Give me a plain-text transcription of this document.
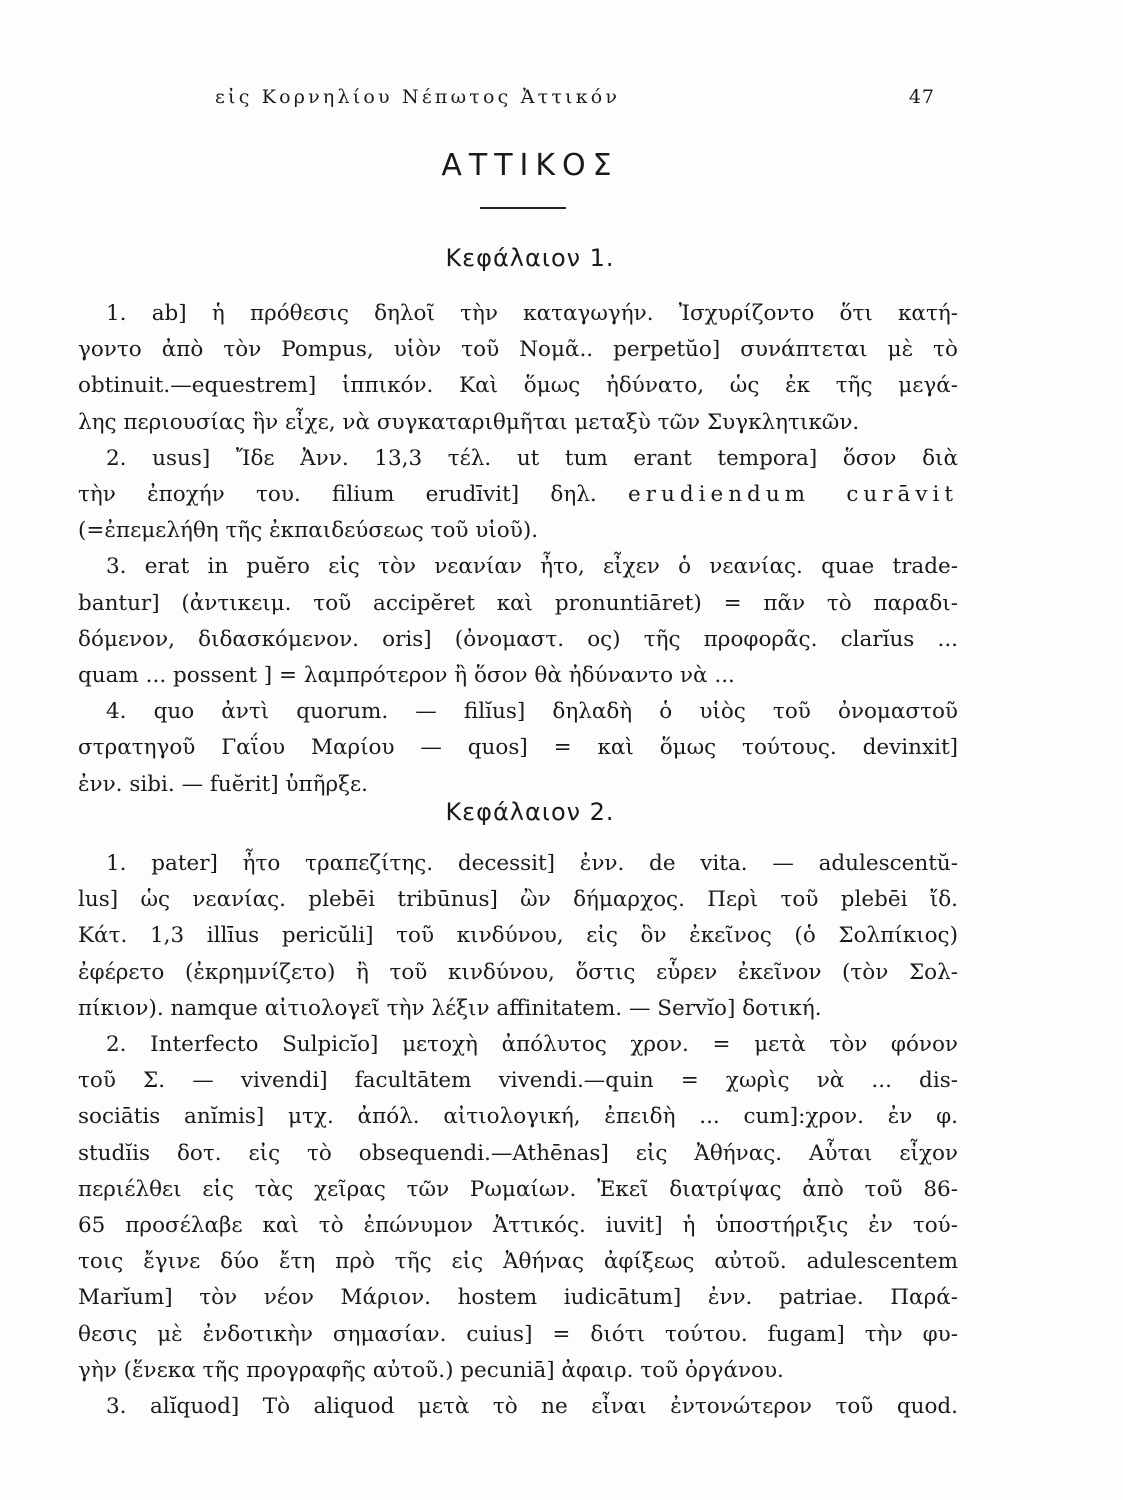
εἰς Κορνηλίου Νέπωτος Ἀττικόν	47
ΑΤΤΙΚΟΣ
Κεφάλαιον 1.
1. ab] ἡ πρόθεσις δηλοῖ τὴν καταγωγήν. Ἰσχυρίζοντο ὅτι κατή-
γοντο ἀπὸ τὸν Pompus, υἱὸν τοῦ Νομᾶ.. perpetŭo] συνάπτεται μὲ τὸ
obtinuit.—equestrem] ἱππικόν. Καὶ ὅμως ἠδύνατο, ὡς ἐκ τῆς μεγά-
λης περιουσίας ἣν εἶχε, νὰ συγκαταριθμῆται μεταξὺ τῶν Συγκλητικῶν.
2. usus] Ἴδε Ἀνν. 13,3 τέλ. ut tum erant tempora] ὅσον διὰ
τὴν ἐποχήν του. filium erudīvit] δηλ. erudiendum curāvit
(=ἐπεμελήθη τῆς ἐκπαιδεύσεως τοῦ υἱοῦ).
3. erat in puĕro εἰς τὸν νεανίαν ἦτο, εἶχεν ὁ νεανίας. quae trade-
bantur] (ἀντικειμ. τοῦ accipĕret καὶ pronuntiāret) = πᾶν τὸ παραδι-
δόμενον, διδασκόμενον. oris] (ὀνομαστ. ος) τῆς προφορᾶς. clarĭus ...
quam ... possent ] = λαμπρότερον ἢ ὅσον θὰ ἠδύναντο νὰ ...
4. quo ἀντὶ quorum. — filĭus] δηλαδὴ ὁ υἱὸς τοῦ ὀνομαστοῦ
στρατηγοῦ Γαΐου Μαρίου — quos] = καὶ ὅμως τούτους. devinxit]
ἐνν. sibi. — fuĕrit] ὑπῆρξε.
Κεφάλαιον 2.
1. pater] ἦτο τραπεζίτης. decessit] ἐνν. de vita. — adulescentŭ-
lus] ὡς νεανίας. plebēi tribūnus] ὢν δήμαρχος. Περὶ τοῦ plebēi ἴδ.
Κάτ. 1,3 illīus pericŭli] τοῦ κινδύνου, εἰς ὃν ἐκεῖνος (ὁ Σολπίκιος)
ἐφέρετο (ἐκρημνίζετο) ἢ τοῦ κινδύνου, ὅστις εὗρεν ἐκεῖνον (τὸν Σολ-
πίκιον). namque αἰτιολογεῖ τὴν λέξιν affinitatem. — Servĭo] δοτική.
2. Interfecto Sulpicĭo] μετοχὴ ἀπόλυτος χρον. = μετὰ τὸν φόνον
τοῦ Σ. — vivendi] facultātem vivendi.—quin = χωρὶς νὰ ... dis-
sociātis anĭmis] μτχ. ἀπόλ. αἰτιολογική, ἐπειδὴ ... cum]:χρον. ἐν φ.
studĭis δοτ. εἰς τὸ obsequendi.—Athēnas] εἰς Ἀθήνας. Αὗται εἶχον
περιέλθει εἰς τὰς χεῖρας τῶν Ρωμαίων. Ἐκεῖ διατρίψας ἀπὸ τοῦ 86-
65 προσέλαβε καὶ τὸ ἐπώνυμον Ἀττικός. iuvit] ἡ ὑποστήριξις ἐν τού-
τοις ἔγινε δύο ἔτη πρὸ τῆς εἰς Ἀθήνας ἀφίξεως αὐτοῦ. adulescentem
Marĭum] τὸν νέον Μάριον. hostem iudicātum] ἐνν. patriae. Παρά-
θεσις μὲ ἐνδοτικὴν σημασίαν. cuius] = διότι τούτου. fugam] τὴν φυ-
γὴν (ἕνεκα τῆς προγραφῆς αὐτοῦ.) pecuniā] ἀφαιρ. τοῦ ὀργάνου.
3. alĭquod] Τὸ aliquod μετὰ τὸ ne εἶναι ἐντονώτερον τοῦ quod.
